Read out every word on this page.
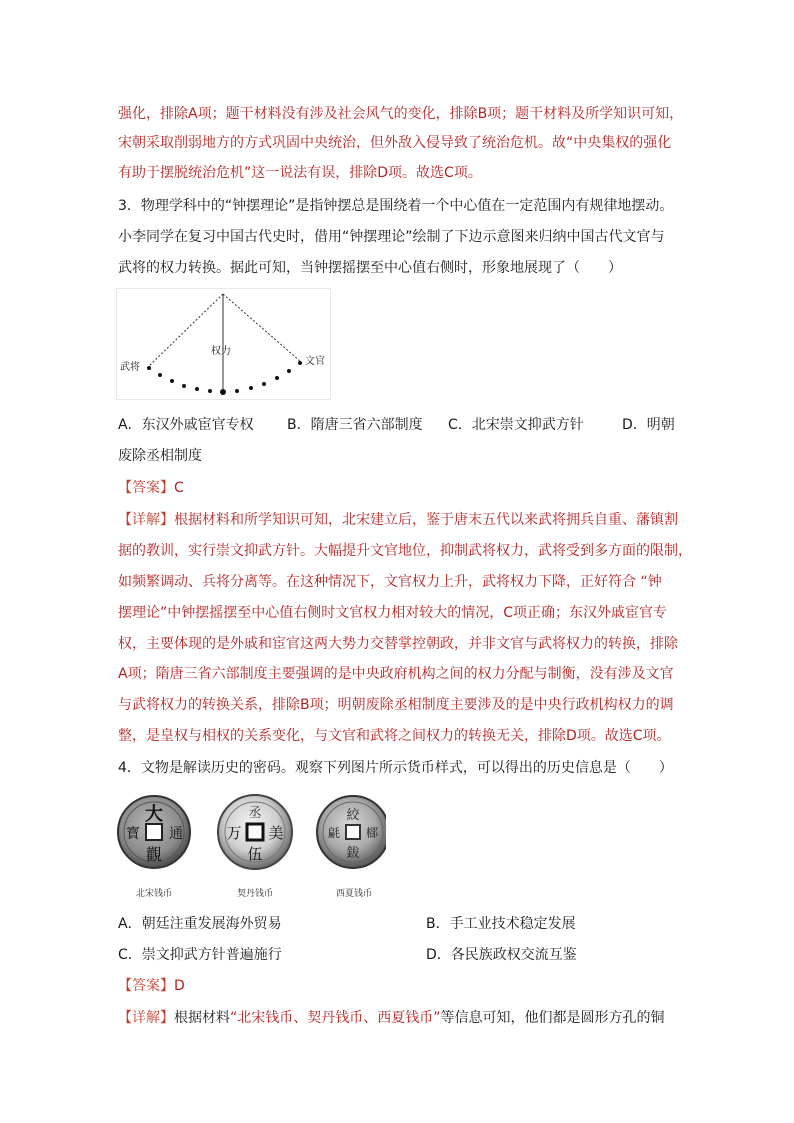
强化，排除A项；题干材料没有涉及社会风气的变化，排除B项；题干材料及所学知识可知，
宋朝采取削弱地方的方式巩固中央统治，但外敌入侵导致了统治危机。故“中央集权的强化
有助于摆脱统治危机”这一说法有误，排除D项。故选C项。
3．物理学科中的“钟摆理论”是指钟摆总是围绕着一个中心值在一定范围内有规律地摆动。
小李同学在复习中国古代史时，借用“钟摆理论”绘制了下边示意图来归纳中国古代文官与
武将的权力转换。据此可知，当钟摆摇摆至中心值右侧时，形象地展现了（　　）
武将
权力
文官
A．东汉外戚宦官专权 B．隋唐三省六部制度 C．北宋崇文抑武方针	D．明朝
废除丞相制度
【答案】C
【详解】根据材料和所学知识可知，北宋建立后，鉴于唐末五代以来武将拥兵自重、藩镇割
据的教训，实行崇文抑武方针。大幅提升文官地位，抑制武将权力，武将受到多方面的限制，
如频繁调动、兵将分离等。在这种情况下，文官权力上升，武将权力下降，正好符合 “钟
摆理论”中钟摆摇摆至中心值右侧时文官权力相对较大的情况，C项正确；东汉外戚宦官专
权，主要体现的是外戚和宦官这两大势力交替掌控朝政，并非文官与武将权力的转换，排除
A项；隋唐三省六部制度主要强调的是中央政府机构之间的权力分配与制衡，没有涉及文官
与武将权力的转换关系，排除B项；明朝废除丞相制度主要涉及的是中央行政机构权力的调
整，是皇权与相权的关系变化，与文官和武将之间权力的转换无关，排除D项。故选C项。
4．文物是解读历史的密码。观察下列图片所示货币样式，可以得出的历史信息是（　　）
大
通
觀
寳
丞
美
伍
万
絞
㮝
鈸
㲢
北宋钱币	契丹钱币	西夏钱币
A．朝廷注重发展海外贸易	B．手工业技术稳定发展
C．崇文抑武方针普遍施行	D．各民族政权交流互鉴
【答案】D
【详解】根据材料“北宋钱币、契丹钱币、西夏钱币”等信息可知，他们都是圆形方孔的铜
